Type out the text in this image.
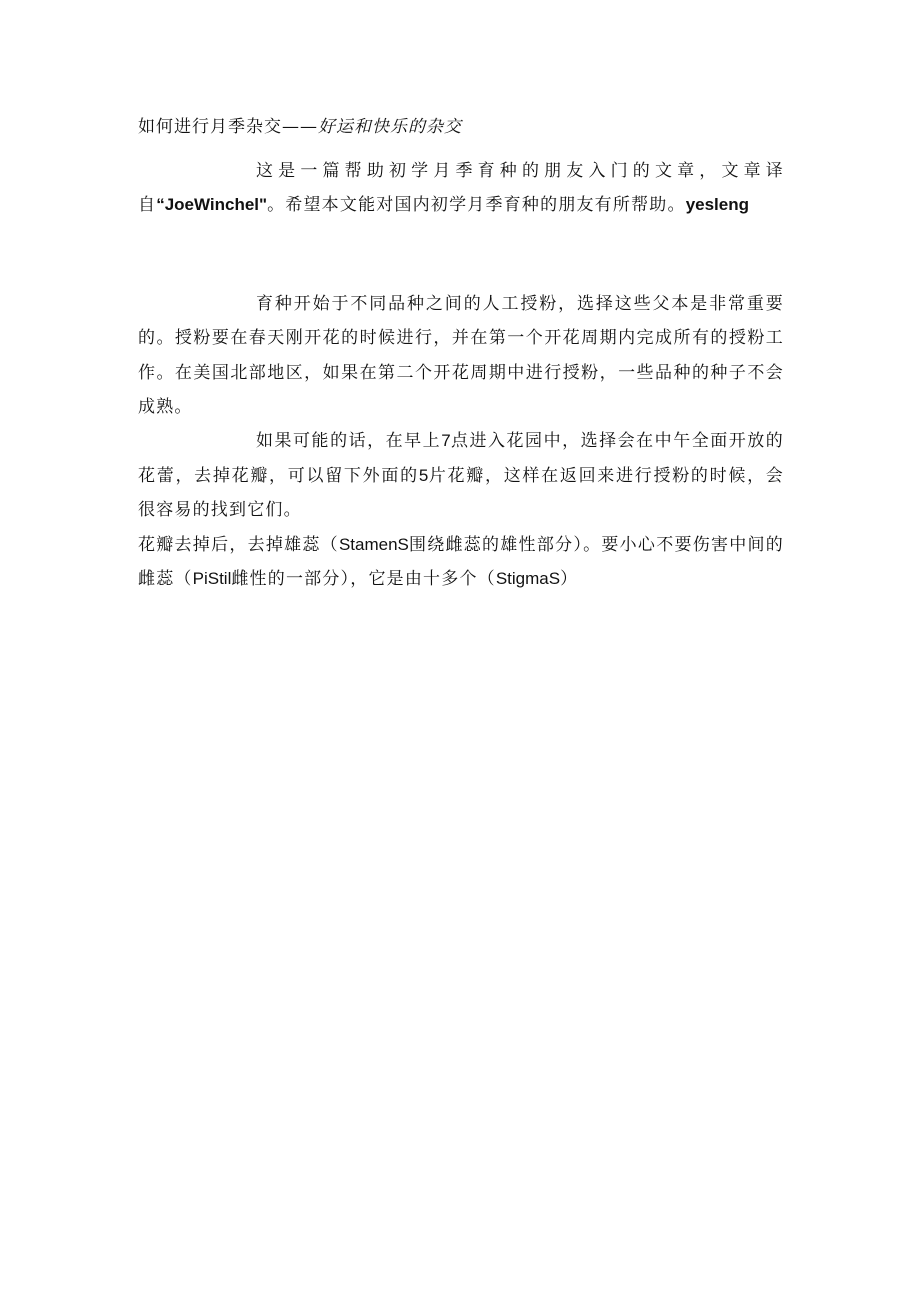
如何进行月季杂交——好运和快乐的杂交

这是一篇帮助初学月季育种的朋友入门的文章，文章译自“JoeWinchel"。希望本文能对国内初学月季育种的朋友有所帮助。yesleng

育种开始于不同品种之间的人工授粉，选择这些父本是非常重要的。授粉要在春天刚开花的时候进行，并在第一个开花周期内完成所有的授粉工作。在美国北部地区，如果在第二个开花周期中进行授粉，一些品种的种子不会成熟。

如果可能的话，在早上7点进入花园中，选择会在中午全面开放的花蕾，去掉花瓣，可以留下外面的5片花瓣，这样在返回来进行授粉的时候，会很容易的找到它们。

花瓣去掉后，去掉雄蕊（StamenS围绕雌蕊的雄性部分）。要小心不要伤害中间的雌蕊（PiStil雌性的一部分），它是由十多个（StigmaS）
